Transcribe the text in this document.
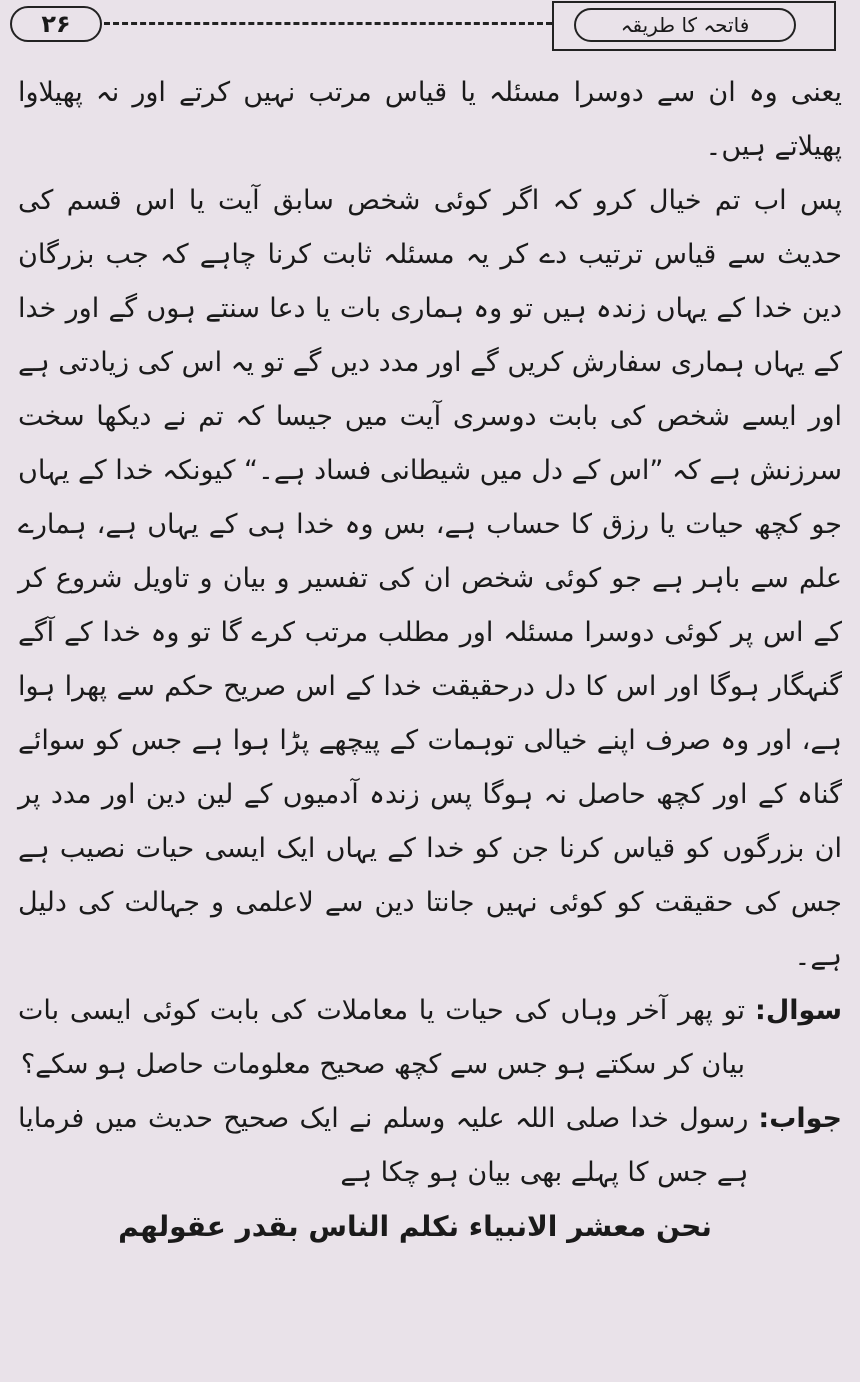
۲۶	فاتحہ کا طریقہ

یعنی وہ ان سے دوسرا مسئلہ یا قیاس مرتب نہیں کرتے اور نہ پھیلاوا پھیلاتے ہیں۔

پس اب تم خیال کرو کہ اگر کوئی شخص سابق آیت یا اس قسم کی حدیث سے قیاس ترتیب دے کر یہ مسئلہ ثابت کرنا چاہے کہ جب بزرگان دین خدا کے یہاں زندہ ہیں تو وہ ہماری بات یا دعا سنتے ہوں گے اور خدا کے یہاں ہماری سفارش کریں گے اور مدد دیں گے تو یہ اس کی زیادتی ہے اور ایسے شخص کی بابت دوسری آیت میں جیسا کہ تم نے دیکھا سخت سرزنش ہے کہ ”اس کے دل میں شیطانی فساد ہے۔“ کیونکہ خدا کے یہاں جو کچھ حیات یا رزق کا حساب ہے، بس وہ خدا ہی کے یہاں ہے، ہمارے علم سے باہر ہے جو کوئی شخص ان کی تفسیر و بیان و تاویل شروع کر کے اس پر کوئی دوسرا مسئلہ اور مطلب مرتب کرے گا تو وہ خدا کے آگے گنہگار ہوگا اور اس کا دل درحقیقت خدا کے اس صریح حکم سے پھرا ہوا ہے، اور وہ صرف اپنے خیالی توہمات کے پیچھے پڑا ہوا ہے جس کو سوائے گناہ کے اور کچھ حاصل نہ ہوگا پس زندہ آدمیوں کے لین دین اور مدد پر ان بزرگوں کو قیاس کرنا جن کو خدا کے یہاں ایک ایسی حیات نصیب ہے جس کی حقیقت کو کوئی نہیں جانتا دین سے لاعلمی و جہالت کی دلیل ہے۔

سوال:
تو پھر آخر وہاں کی حیات یا معاملات کی بابت کوئی ایسی بات بیان کر سکتے ہو جس سے کچھ صحیح معلومات حاصل ہو سکے؟
جواب:
رسول خدا صلی اللہ علیہ وسلم نے ایک صحیح حدیث میں فرمایا ہے جس کا پہلے بھی بیان ہو چکا ہے

نحن معشر الانبياء نكلم الناس بقدر عقولهم
